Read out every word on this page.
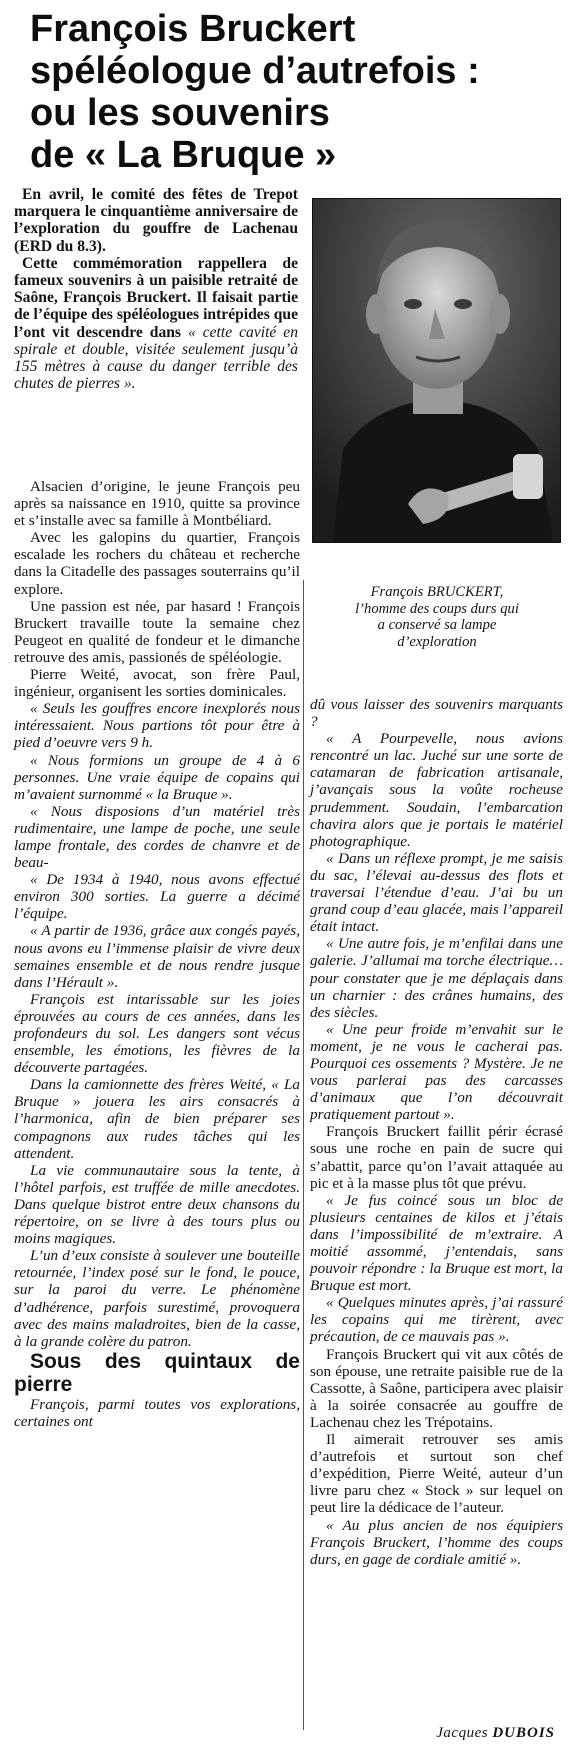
François Bruckert
spéléologue d’autrefois :
ou les souvenirs
de « La Bruque »

En avril, le comité des fêtes de Trepot marquera le cinquantième anniversaire de l’exploration du gouffre de Lachenau (ERD du 8.3).

Cette commémoration rappellera de fameux souvenirs à un paisible retraité de Saône, François Bruckert. Il faisait partie de l’équipe des spéléologues intrépides que l’ont vit descendre dans « cette cavité en spirale et double, visitée seulement jusqu’à 155 mètres à cause du danger terrible des chutes de pierres ».

François BRUCKERT,
l’homme des coups durs qui
a conservé sa lampe
d’exploration

Alsacien d’origine, le jeune François peu après sa naissance en 1910, quitte sa province et s’installe avec sa famille à Montbéliard.

Avec les galopins du quartier, François escalade les rochers du château et recherche dans la Citadelle des passages souterrains qu’il explore.

Une passion est née, par hasard ! François Bruckert travaille toute la semaine chez Peugeot en qualité de fondeur et le dimanche retrouve des amis, passionés de spéléologie.

Pierre Weité, avocat, son frère Paul, ingénieur, organisent les sorties dominicales.

« Seuls les gouffres encore inexplorés nous intéressaient. Nous partions tôt pour être à pied d’oeuvre vers 9 h.

« Nous formions un groupe de 4 à 6 personnes. Une vraie équipe de copains qui m’avaient surnommé « la Bruque ».

« Nous disposions d’un matériel très rudimentaire, une lampe de poche, une seule lampe frontale, des cordes de chanvre et de beau-

« De 1934 à 1940, nous avons effectué environ 300 sorties. La guerre a décimé l’équipe.

« A partir de 1936, grâce aux congés payés, nous avons eu l’immense plaisir de vivre deux semaines ensemble et de nous rendre jusque dans l’Hérault ».

François est intarissable sur les joies éprouvées au cours de ces années, dans les profondeurs du sol. Les dangers sont vécus ensemble, les émotions, les fièvres de la découverte partagées.

Dans la camionnette des frères Weité, « La Bruque » jouera les airs consacrés à l’harmonica, afin de bien préparer ses compagnons aux rudes tâches qui les attendent.

La vie communautaire sous la tente, à l’hôtel parfois, est truffée de mille anecdotes. Dans quelque bistrot entre deux chansons du répertoire, on se livre à des tours plus ou moins magiques.

L’un d’eux consiste à soulever une bouteille retournée, l’index posé sur le fond, le pouce, sur la paroi du verre. Le phénomène d’adhérence, parfois surestimé, provoquera avec des mains maladroites, bien de la casse, à la grande colère du patron.

Sous des quintaux de pierre

François, parmi toutes vos explorations, certaines ont

dû vous laisser des souvenirs marquants ?

« A Pourpevelle, nous avions rencontré un lac. Juché sur une sorte de catamaran de fabrication artisanale, j’avançais sous la voûte rocheuse prudemment. Soudain, l’embarcation chavira alors que je portais le matériel photographique.

« Dans un réflexe prompt, je me saisis du sac, l’élevai au-dessus des flots et traversai l’étendue d’eau. J’ai bu un grand coup d’eau glacée, mais l’appareil était intact.

« Une autre fois, je m’enfilai dans une galerie. J’allumai ma torche électrique… pour constater que je me déplaçais dans un charnier : des crânes humains, des des siècles.

« Une peur froide m’envahit sur le moment, je ne vous le cacherai pas. Pourquoi ces ossements ? Mystère. Je ne vous parlerai pas des carcasses d’animaux que l’on découvrait pratiquement partout ».

François Bruckert faillit périr écrasé sous une roche en pain de sucre qui s’abattit, parce qu’on l’avait attaquée au pic et à la masse plus tôt que prévu.

« Je fus coincé sous un bloc de plusieurs centaines de kilos et j’étais dans l’impossibilité de m’extraire. A moitié assommé, j’entendais, sans pouvoir répondre : la Bruque est mort, la Bruque est mort.

« Quelques minutes après, j’ai rassuré les copains qui me tirèrent, avec précaution, de ce mauvais pas ».

François Bruckert qui vit aux côtés de son épouse, une retraite paisible rue de la Cassotte, à Saône, participera avec plaisir à la soirée consacrée au gouffre de Lachenau chez les Trépotains.

Il aimerait retrouver ses amis d’autrefois et surtout son chef d’expédition, Pierre Weité, auteur d’un livre paru chez « Stock » sur lequel on peut lire la dédicace de l’auteur.

« Au plus ancien de nos équipiers François Bruckert, l’homme des coups durs, en gage de cordiale amitié ».

Jacques DUBOIS
